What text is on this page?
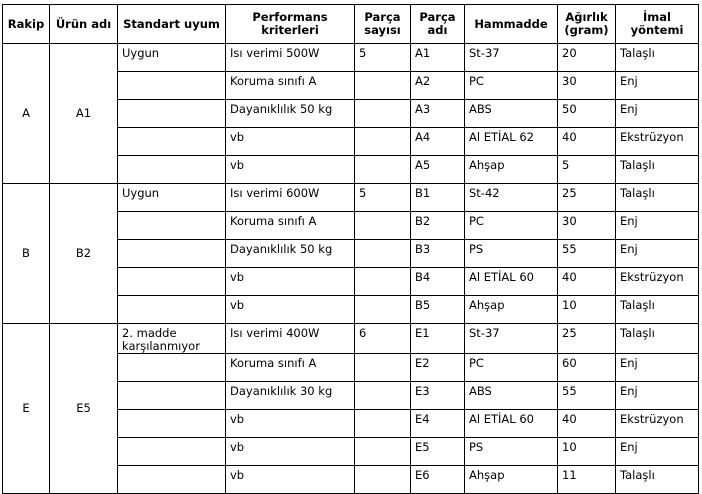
Rakip	Ürün adı	Standart uyum	Performans kriterleri	Parça sayısı	Parça adı	Hammadde	Ağırlık (gram)	İmal yöntemi
A	A1	Uygun	Isı verimi 500W	5	A1	St-37	20	Talaşlı
			Koruma sınıfı A		A2	PC	30	Enj
			Dayanıklılık 50 kg		A3	ABS	50	Enj
			vb		A4	Al ETİAL 62	40	Ekstrüzyon
			vb		A5	Ahşap	5	Talaşlı
B	B2	Uygun	Isı verimi 600W	5	B1	St-42	25	Talaşlı
			Koruma sınıfı A		B2	PC	30	Enj
			Dayanıklılık 50 kg		B3	PS	55	Enj
			vb		B4	Al ETİAL 60	40	Ekstrüzyon
			vb		B5	Ahşap	10	Talaşlı
E	E5	2. madde karşılanmıyor	Isı verimi 400W	6	E1	St-37	25	Talaşlı
			Koruma sınıfı A		E2	PC	60	Enj
			Dayanıklılık 30 kg		E3	ABS	55	Enj
			vb		E4	Al ETİAL 60	40	Ekstrüzyon
			vb		E5	PS	10	Enj
			vb		E6	Ahşap	11	Talaşlı
